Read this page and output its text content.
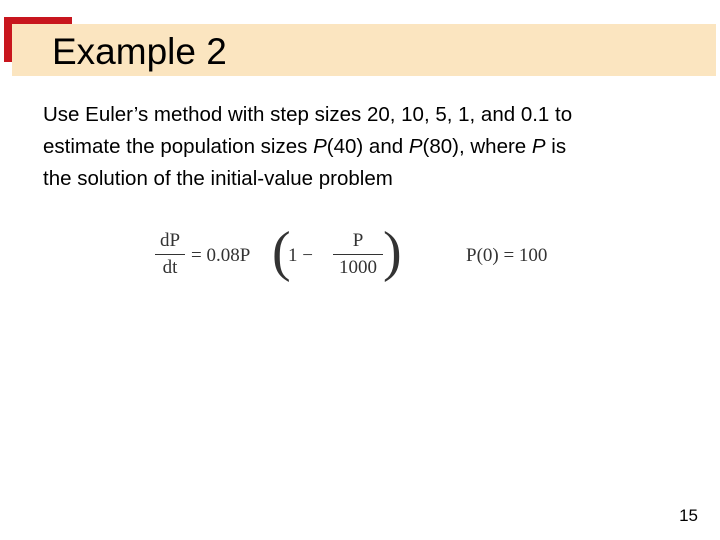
Example 2

Use Euler’s method with step sizes 20, 10, 5, 1, and 0.1 to
estimate the population sizes P(40) and P(80), where P is
the solution of the initial-value problem

dP
dt
= 0.08P (
1 −
P
1000 )	P(0) = 100
15
